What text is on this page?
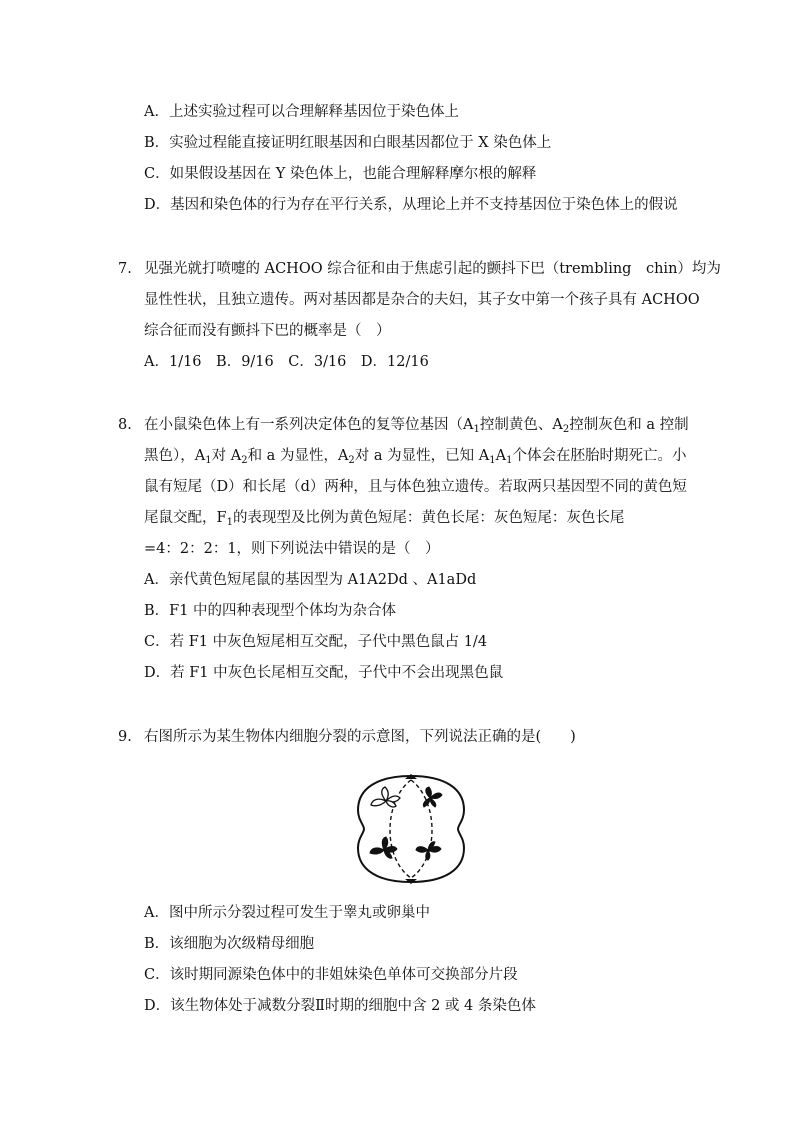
A．上述实验过程可以合理解释基因位于染色体上
B．实验过程能直接证明红眼基因和白眼基因都位于 X 染色体上
C．如果假设基因在 Y 染色体上，也能合理解释摩尔根的解释
D．基因和染色体的行为存在平行关系，从理论上并不支持基因位于染色体上的假说
7. 见强光就打喷嚏的 ACHOO 综合征和由于焦虑引起的颤抖下巴（trembling　chin）均为
显性性状，且独立遗传。两对基因都是杂合的夫妇，其子女中第一个孩子具有 ACHOO
综合征而没有颤抖下巴的概率是（　）
A．1/16　B．9/16　C．3/16　D．12/16
8. 在小鼠染色体上有一系列决定体色的复等位基因（$A_1$控制黄色、$A_2$控制灰色和 a 控制
黑色），$A_1$对 $A_2$和 a 为显性，$A_2$对 a 为显性，已知 $A_1A_1$个体会在胚胎时期死亡。小
鼠有短尾（D）和长尾（d）两种，且与体色独立遗传。若取两只基因型不同的黄色短
尾鼠交配，$F_1$的表现型及比例为黄色短尾：黄色长尾：灰色短尾：灰色长尾
=4：2：2：1，则下列说法中错误的是（　）
A．亲代黄色短尾鼠的基因型为 A1A2Dd 、A1aDd
B．F1 中的四种表现型个体均为杂合体
C．若 F1 中灰色短尾相互交配，子代中黑色鼠占 1/4
D．若 F1 中灰色长尾相互交配，子代中不会出现黑色鼠
9. 右图所示为某生物体内细胞分裂的示意图，下列说法正确的是(　　)
A．图中所示分裂过程可发生于睾丸或卵巢中
B．该细胞为次级精母细胞
C．该时期同源染色体中的非姐妹染色单体可交换部分片段
D．该生物体处于减数分裂Ⅱ时期的细胞中含 2 或 4 条染色体
